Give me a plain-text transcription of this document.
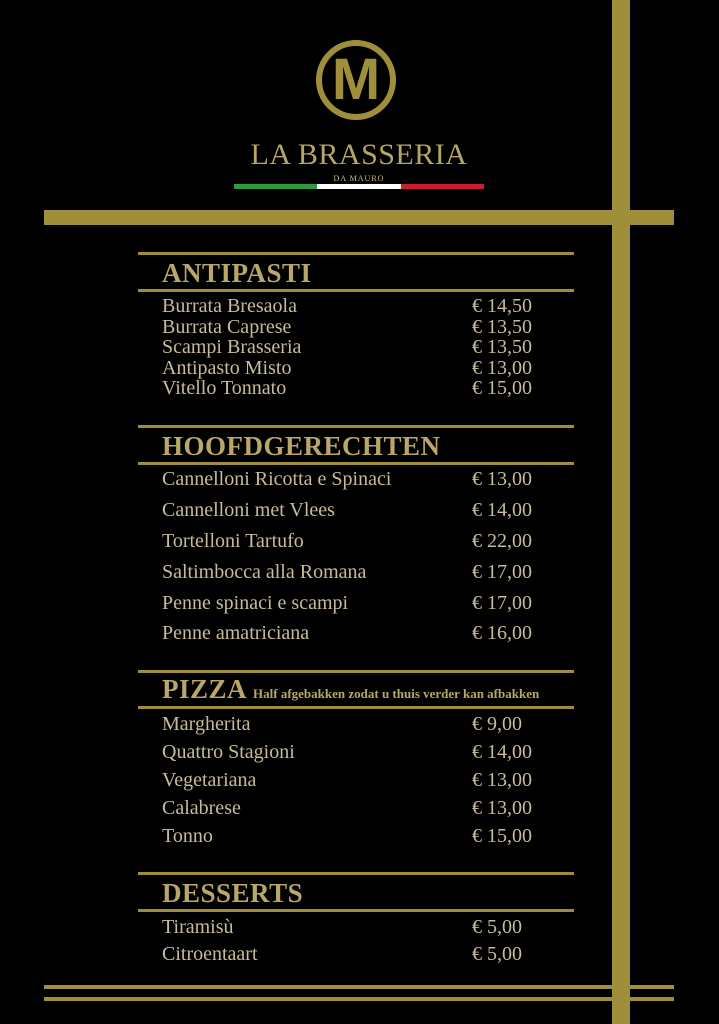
M
LA BRASSERIA
DA MAURO
ANTIPASTI
Burrata Bresaola	€ 14,50
Burrata Caprese	€ 13,50
Scampi Brasseria	€ 13,50
Antipasto Misto	€ 13,00
Vitello Tonnato	€ 15,00
HOOFDGERECHTEN
Cannelloni Ricotta e Spinaci	€ 13,00
Cannelloni met Vlees	€ 14,00
Tortelloni Tartufo	€ 22,00
Saltimbocca alla Romana	€ 17,00
Penne spinaci e scampi	€ 17,00
Penne amatriciana	€ 16,00
PIZZA Half afgebakken zodat u thuis verder kan afbakken
Margherita	€ 9,00
Quattro Stagioni	€ 14,00
Vegetariana	€ 13,00
Calabrese	€ 13,00
Tonno	€ 15,00
DESSERTS
Tiramisù	€ 5,00
Citroentaart	€ 5,00
